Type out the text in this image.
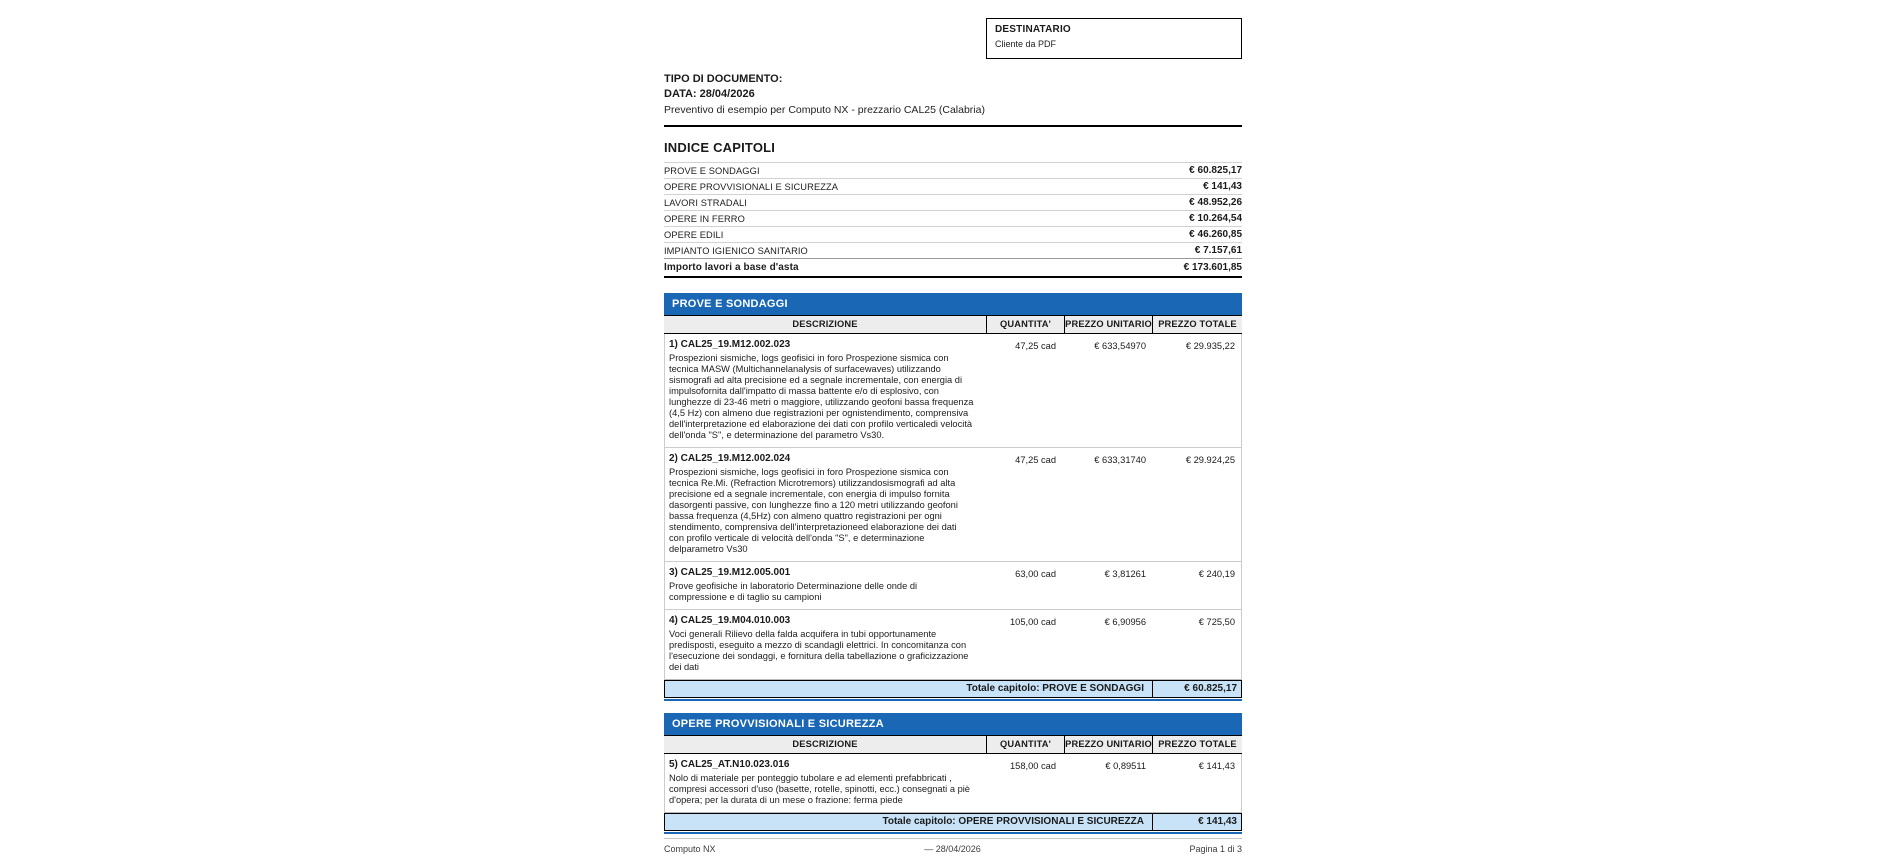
DESTINATARIO
Cliente da PDF
TIPO DI DOCUMENTO:
DATA: 28/04/2026
Preventivo di esempio per Computo NX - prezzario CAL25 (Calabria)
INDICE CAPITOLI
PROVE E SONDAGGI	€ 60.825,17
OPERE PROVVISIONALI E SICUREZZA	€ 141,43
LAVORI STRADALI	€ 48.952,26
OPERE IN FERRO	€ 10.264,54
OPERE EDILI	€ 46.260,85
IMPIANTO IGIENICO SANITARIO	€ 7.157,61
Importo lavori a base d'asta	€ 173.601,85
PROVE E SONDAGGI
DESCRIZIONE	QUANTITA'	PREZZO UNITARIO PREZZO TOTALE
1) CAL25_19.M12.002.023
Prospezioni sismiche, logs geofisici in foro Prospezione sismica con tecnica MASW (Multichannelanalysis of surfacewaves) utilizzando sismografi ad alta precisione ed a segnale incrementale, con energia di impulsofornita dall'impatto di massa battente e/o di esplosivo, con lunghezze di 23-46 metri o maggiore, utilizzando geofoni bassa frequenza (4,5 Hz) con almeno due registrazioni per ognistendimento, comprensiva dell'interpretazione ed elaborazione dei dati con profilo verticaledi velocità dell'onda "S", e determinazione del parametro Vs30.
47,25 cad	€ 633,54970	€ 29.935,22
2) CAL25_19.M12.002.024
Prospezioni sismiche, logs geofisici in foro Prospezione sismica con tecnica Re.Mi. (Refraction Microtremors) utilizzandosismografi ad alta precisione ed a segnale incrementale, con energia di impulso fornita dasorgenti passive, con lunghezze fino a 120 metri utilizzando geofoni bassa frequenza (4,5Hz) con almeno quattro registrazioni per ogni stendimento, comprensiva dell'interpretazioneed elaborazione dei dati con profilo verticale di velocità dell'onda "S", e determinazione delparametro Vs30
47,25 cad	€ 633,31740	€ 29.924,25
3) CAL25_19.M12.005.001
Prove geofisiche in laboratorio Determinazione delle onde di compressione e di taglio su campioni
63,00 cad	€ 3,81261	€ 240,19
4) CAL25_19.M04.010.003
Voci generali Rilievo della falda acquifera in tubi opportunamente predisposti, eseguito a mezzo di scandagli elettrici. In concomitanza con l'esecuzione dei sondaggi, e fornitura della tabellazione o graficizzazione dei dati
105,00 cad	€ 6,90956	€ 725,50
Totale capitolo: PROVE E SONDAGGI	€ 60.825,17
OPERE PROVVISIONALI E SICUREZZA
DESCRIZIONE	QUANTITA'	PREZZO UNITARIO PREZZO TOTALE
5) CAL25_AT.N10.023.016
Nolo di materiale per ponteggio tubolare e ad elementi prefabbricati , compresi accessori d'uso (basette, rotelle, spinotti, ecc.) consegnati a piè d'opera; per la durata di un mese o frazione: ferma piede
158,00 cad	€ 0,89511	€ 141,43
Totale capitolo: OPERE PROVVISIONALI E SICUREZZA	€ 141,43
Computo NX	— 28/04/2026	Pagina 1 di 3
